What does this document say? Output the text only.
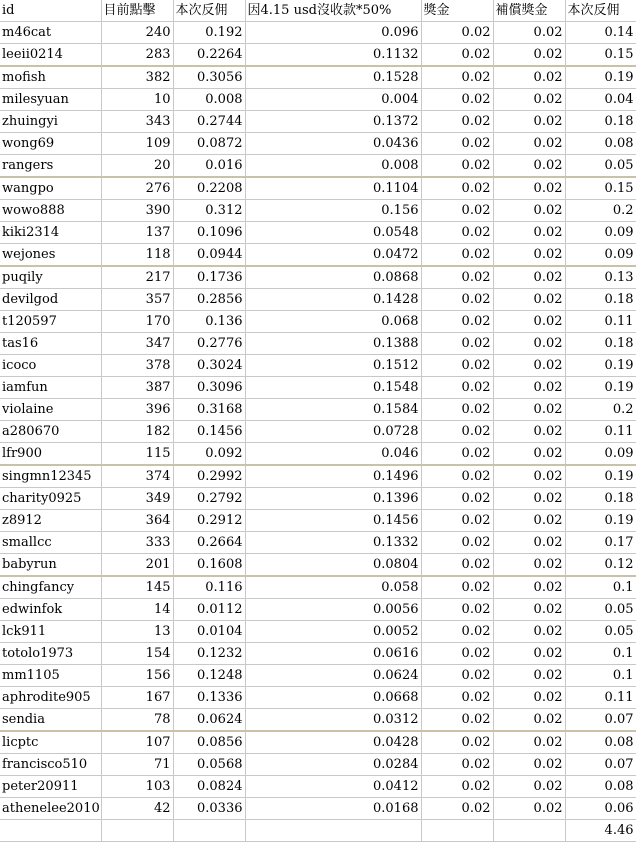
id	目前點擊	本次反佣	因4.15 usd沒收款*50%	獎金	補償獎金	本次反佣
m46cat	240	0.192	0.096	0.02	0.02	0.14
leeii0214	283	0.2264	0.1132	0.02	0.02	0.15
mofish	382	0.3056	0.1528	0.02	0.02	0.19
milesyuan	10	0.008	0.004	0.02	0.02	0.04
zhuingyi	343	0.2744	0.1372	0.02	0.02	0.18
wong69	109	0.0872	0.0436	0.02	0.02	0.08
rangers	20	0.016	0.008	0.02	0.02	0.05
wangpo	276	0.2208	0.1104	0.02	0.02	0.15
wowo888	390	0.312	0.156	0.02	0.02	0.2
kiki2314	137	0.1096	0.0548	0.02	0.02	0.09
wejones	118	0.0944	0.0472	0.02	0.02	0.09
puqily	217	0.1736	0.0868	0.02	0.02	0.13
devilgod	357	0.2856	0.1428	0.02	0.02	0.18
t120597	170	0.136	0.068	0.02	0.02	0.11
tas16	347	0.2776	0.1388	0.02	0.02	0.18
icoco	378	0.3024	0.1512	0.02	0.02	0.19
iamfun	387	0.3096	0.1548	0.02	0.02	0.19
violaine	396	0.3168	0.1584	0.02	0.02	0.2
a280670	182	0.1456	0.0728	0.02	0.02	0.11
lfr900	115	0.092	0.046	0.02	0.02	0.09
singmn12345	374	0.2992	0.1496	0.02	0.02	0.19
charity0925	349	0.2792	0.1396	0.02	0.02	0.18
z8912	364	0.2912	0.1456	0.02	0.02	0.19
smallcc	333	0.2664	0.1332	0.02	0.02	0.17
babyrun	201	0.1608	0.0804	0.02	0.02	0.12
chingfancy	145	0.116	0.058	0.02	0.02	0.1
edwinfok	14	0.0112	0.0056	0.02	0.02	0.05
lck911	13	0.0104	0.0052	0.02	0.02	0.05
totolo1973	154	0.1232	0.0616	0.02	0.02	0.1
mm1105	156	0.1248	0.0624	0.02	0.02	0.1
aphrodite905	167	0.1336	0.0668	0.02	0.02	0.11
sendia	78	0.0624	0.0312	0.02	0.02	0.07
licptc	107	0.0856	0.0428	0.02	0.02	0.08
francisco510	71	0.0568	0.0284	0.02	0.02	0.07
peter20911	103	0.0824	0.0412	0.02	0.02	0.08
athenelee2010	42	0.0336	0.0168	0.02	0.02	0.06
						4.46
